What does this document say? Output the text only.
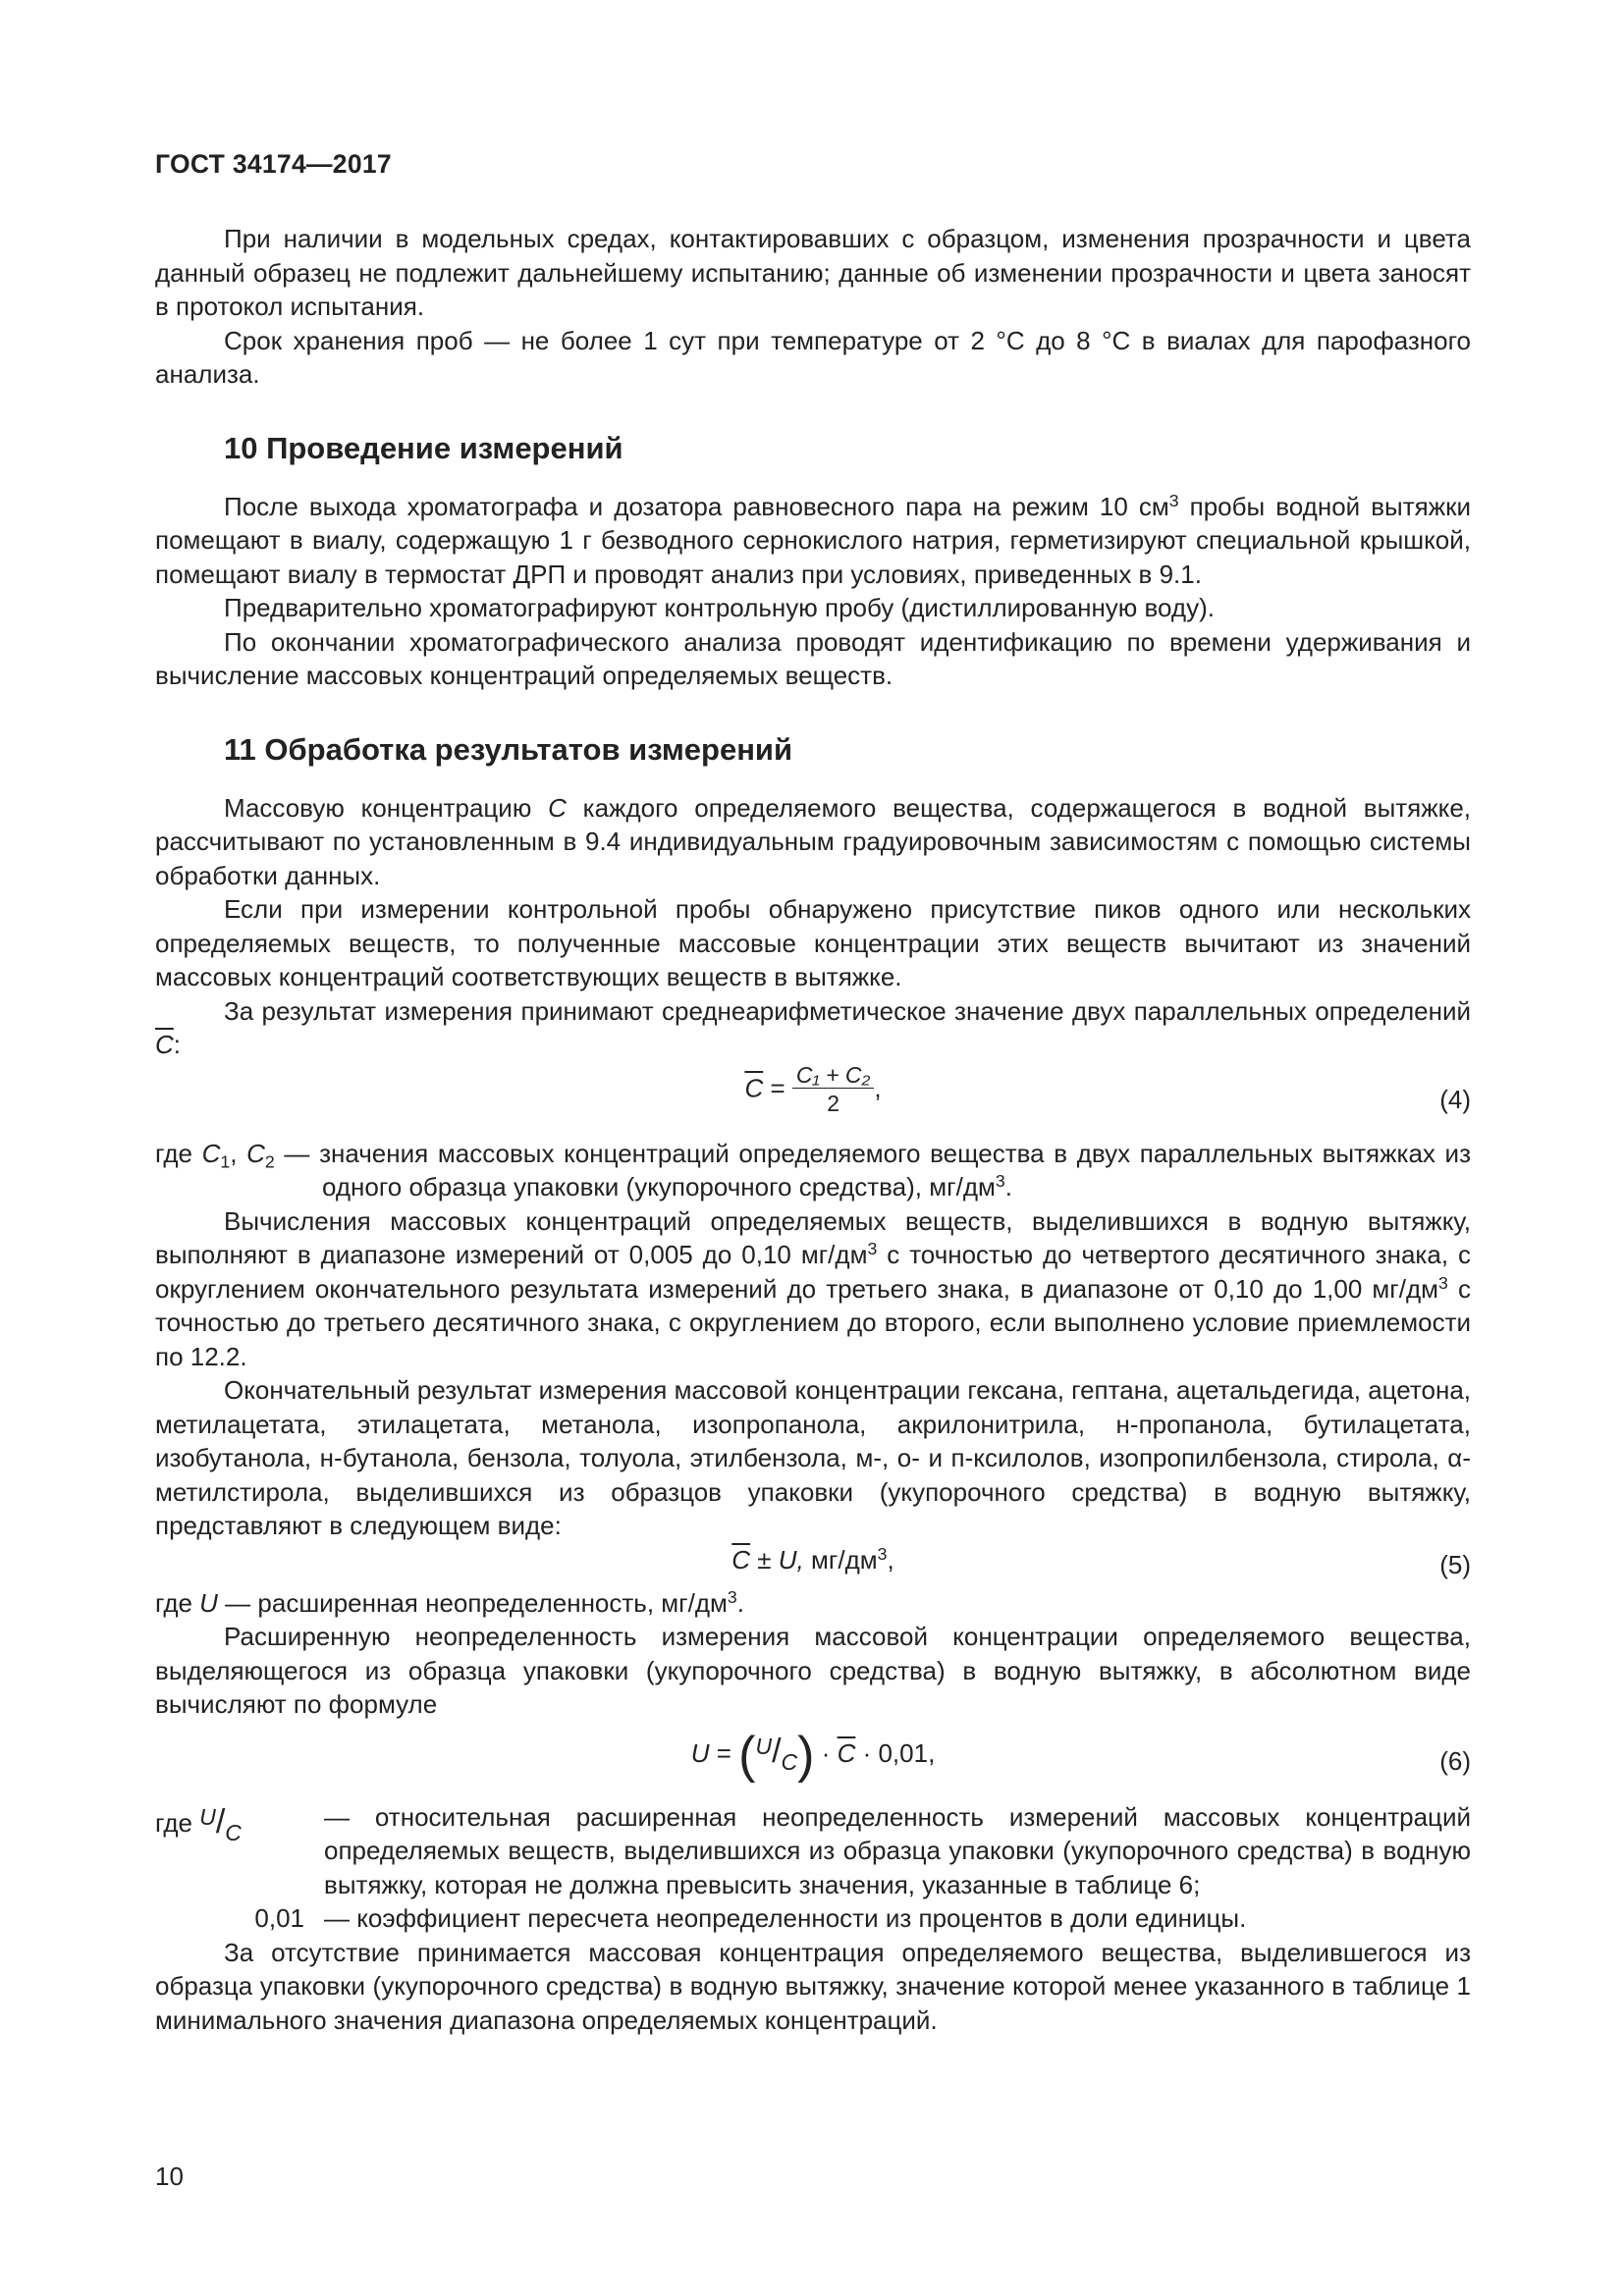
ГОСТ 34174—2017

При наличии в модельных средах, контактировавших с образцом, изменения прозрачности и цвета данный образец не подлежит дальнейшему испытанию; данные об изменении прозрачности и цвета заносят в протокол испытания.

Срок хранения проб — не более 1 сут при температуре от 2 °С до 8 °С в виалах для парофазного анализа.

10 Проведение измерений

После выхода хроматографа и дозатора равновесного пара на режим 10 $см^3$ пробы водной вытяжки помещают в виалу, содержащую 1 г безводного сернокислого натрия, герметизируют специальной крышкой, помещают виалу в термостат ДРП и проводят анализ при условиях, приведенных в 9.1.

Предварительно хроматографируют контрольную пробу (дистиллированную воду).

По окончании хроматографического анализа проводят идентификацию по времени удерживания и вычисление массовых концентраций определяемых веществ.

11 Обработка результатов измерений

Массовую концентрацию С каждого определяемого вещества, содержащегося в водной вытяжке, рассчитывают по установленным в 9.4 индивидуальным градуировочным зависимостям с помощью системы обработки данных.

Если при измерении контрольной пробы обнаружено присутствие пиков одного или нескольких определяемых веществ, то полученные массовые концентрации этих веществ вычитают из значений массовых концентраций соответствующих веществ в вытяжке.

За результат измерения принимают среднеарифметическое значение двух параллельных определений $\overline{C}$:

$\overline{C} = \frac{\text{C₁ + C₂}}{2}$ ,	(4)
где $C_1$, $C_2$ — значения массовых концентраций определяемого вещества в двух параллельных вытяжках из одного образца упаковки (укупорочного средства), $мг/дм^3$.

Вычисления массовых концентраций определяемых веществ, выделившихся в водную вытяжку, выполняют в диапазоне измерений от 0,005 до 0,10 $мг/дм^3$ с точностью до четвертого десятичного знака, с округлением окончательного результата измерений до третьего знака, в диапазоне от 0,10 до 1,00 $мг/дм^3$ с точностью до третьего десятичного знака, с округлением до второго, если выполнено условие приемлемости по 12.2.

Окончательный результат измерения массовой концентрации гексана, гептана, ацетальдегида, ацетона, метилацетата, этилацетата, метанола, изопропанола, акрилонитрила, н-пропанола, бутилацетата, изобутанола, н-бутанола, бензола, толуола, этилбензола, м-, о- и п-ксилолов, изопропилбензола, стирола, α-метилстирола, выделившихся из образцов упаковки (укупорочного средства) в водную вытяжку, представляют в следующем виде:

$\overline{C} \pm U$, $мг/дм^3$,	(5)
где U — расширенная неопределенность, $мг/дм^3$.

Расширенную неопределенность измерения массовой концентрации определяемого вещества, выделяющегося из образца упаковки (укупорочного средства) в водную вытяжку, в абсолютном виде вычисляют по формуле

$U = (U/C) \cdot \overline{C} \cdot 0,01$,	(6)
где U/C
— относительная расширенная неопределенность измерений массовых концентраций определяемых веществ, выделившихся из образца упаковки (укупорочного средства) в водную вытяжку, которая не должна превысить значения, указанные в таблице 6;
0,01 — коэффициент пересчета неопределенности из процентов в доли единицы.

За отсутствие принимается массовая концентрация определяемого вещества, выделившегося из образца упаковки (укупорочного средства) в водную вытяжку, значение которой менее указанного в таблице 1 минимального значения диапазона определяемых концентраций.

10
